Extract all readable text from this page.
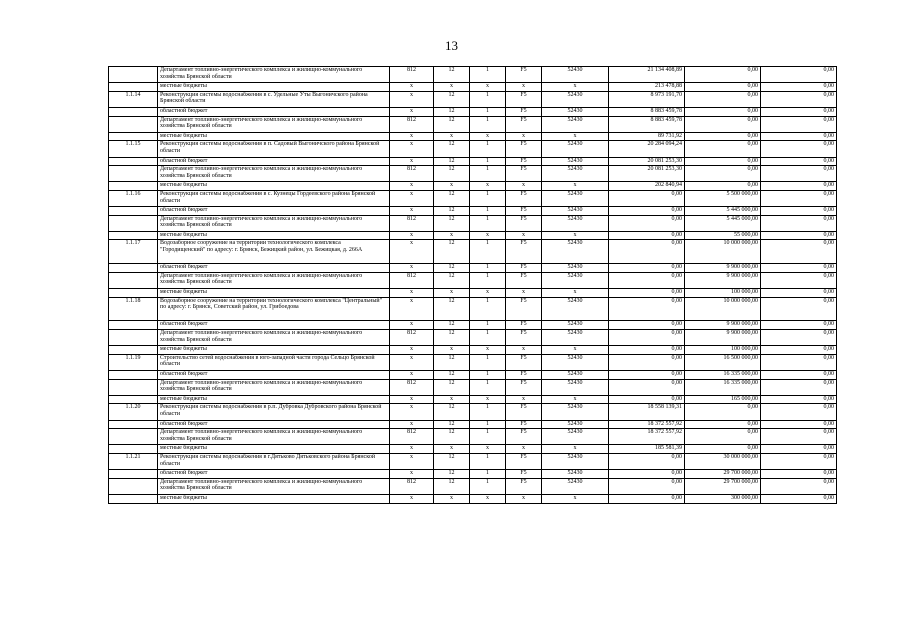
13
	Департамент топливно-энергетического комплекса и жилищно-коммунального хозяйства Брянской области	812	12	1	F5	52430	21 134 408,89	0,00	0,00
	местные бюджеты	х	х	х	х	х	213 478,88	0,00	0,00
1.1.14	Реконструкция системы водоснабжения в с. Удельные Уты Выгоничского района Брянской области	х	12	1	F5	52430	8 973 191,70	0,00	0,00
	областной бюджет	х	12	1	F5	52430	8 883 459,78	0,00	0,00
	Департамент топливно-энергетического комплекса и жилищно-коммунального хозяйства Брянской области	812	12	1	F5	52430	8 883 459,78	0,00	0,00
	местные бюджеты	х	х	х	х	х	89 731,92	0,00	0,00
1.1.15	Реконструкция системы водоснабжения в п. Садовый Выгоничского района Брянской области	х	12	1	F5	52430	20 284 094,24	0,00	0,00
	областной бюджет	х	12	1	F5	52430	20 081 253,30	0,00	0,00
	Департамент топливно-энергетического комплекса и жилищно-коммунального хозяйства Брянской области	812	12	1	F5	52430	20 081 253,30	0,00	0,00
	местные бюджеты	х	х	х	х	х	202 840,94	0,00	0,00
1.1.16	Реконструкция системы водоснабжения в с. Кузнецы Гордеевского района Брянской области	х	12	1	F5	52430	0,00	5 500 000,00	0,00
	областной бюджет	х	12	1	F5	52430	0,00	5 445 000,00	0,00
	Департамент топливно-энергетического комплекса и жилищно-коммунального хозяйства Брянской области	812	12	1	F5	52430	0,00	5 445 000,00	0,00
	местные бюджеты	х	х	х	х	х	0,00	55 000,00	0,00
1.1.17	Водозаборное сооружение на территории технологического комплекса "Городищенский" по адресу: г. Брянск, Бежицкий район, ул. Бежицкая, д. 266А	х	12	1	F5	52430	0,00	10 000 000,00	0,00
	областной бюджет	х	12	1	F5	52430	0,00	9 900 000,00	0,00
	Департамент топливно-энергетического комплекса и жилищно-коммунального хозяйства Брянской области	812	12	1	F5	52430	0,00	9 900 000,00	0,00
	местные бюджеты	х	х	х	х	х	0,00	100 000,00	0,00
1.1.18	Водозаборное сооружение на территории технологического комплекса "Центральный" по адресу: г. Брянск, Советский район, ул. Грибоедова	х	12	1	F5	52430	0,00	10 000 000,00	0,00
	областной бюджет	х	12	1	F5	52430	0,00	9 900 000,00	0,00
	Департамент топливно-энергетического комплекса и жилищно-коммунального хозяйства Брянской области	812	12	1	F5	52430	0,00	9 900 000,00	0,00
	местные бюджеты	х	х	х	х	х	0,00	100 000,00	0,00
1.1.19	Строительство сетей водоснабжения в юго-западной части города Сельцо Брянской области	х	12	1	F5	52430	0,00	16 500 000,00	0,00
	областной бюджет	х	12	1	F5	52430	0,00	16 335 000,00	0,00
	Департамент топливно-энергетического комплекса и жилищно-коммунального хозяйства Брянской области	812	12	1	F5	52430	0,00	16 335 000,00	0,00
	местные бюджеты	х	х	х	х	х	0,00	165 000,00	0,00
1.1.20	Реконструкция системы водоснабжения в р.п. Дубровка Дубровского района Брянской области	х	12	1	F5	52430	18 558 139,31	0,00	0,00
	областной бюджет	х	12	1	F5	52430	18 372 557,92	0,00	0,00
	Департамент топливно-энергетического комплекса и жилищно-коммунального хозяйства Брянской области	812	12	1	F5	52430	18 372 557,92	0,00	0,00
	местные бюджеты	х	х	х	х	х	185 581,39	0,00	0,00
1.1.21	Реконструкция системы водоснабжения в г.Дятьково Дятьковского района Брянской области	х	12	1	F5	52430	0,00	30 000 000,00	0,00
	областной бюджет	х	12	1	F5	52430	0,00	29 700 000,00	0,00
	Департамент топливно-энергетического комплекса и жилищно-коммунального хозяйства Брянской области	812	12	1	F5	52430	0,00	29 700 000,00	0,00
	местные бюджеты	х	х	х	х	х	0,00	300 000,00	0,00
